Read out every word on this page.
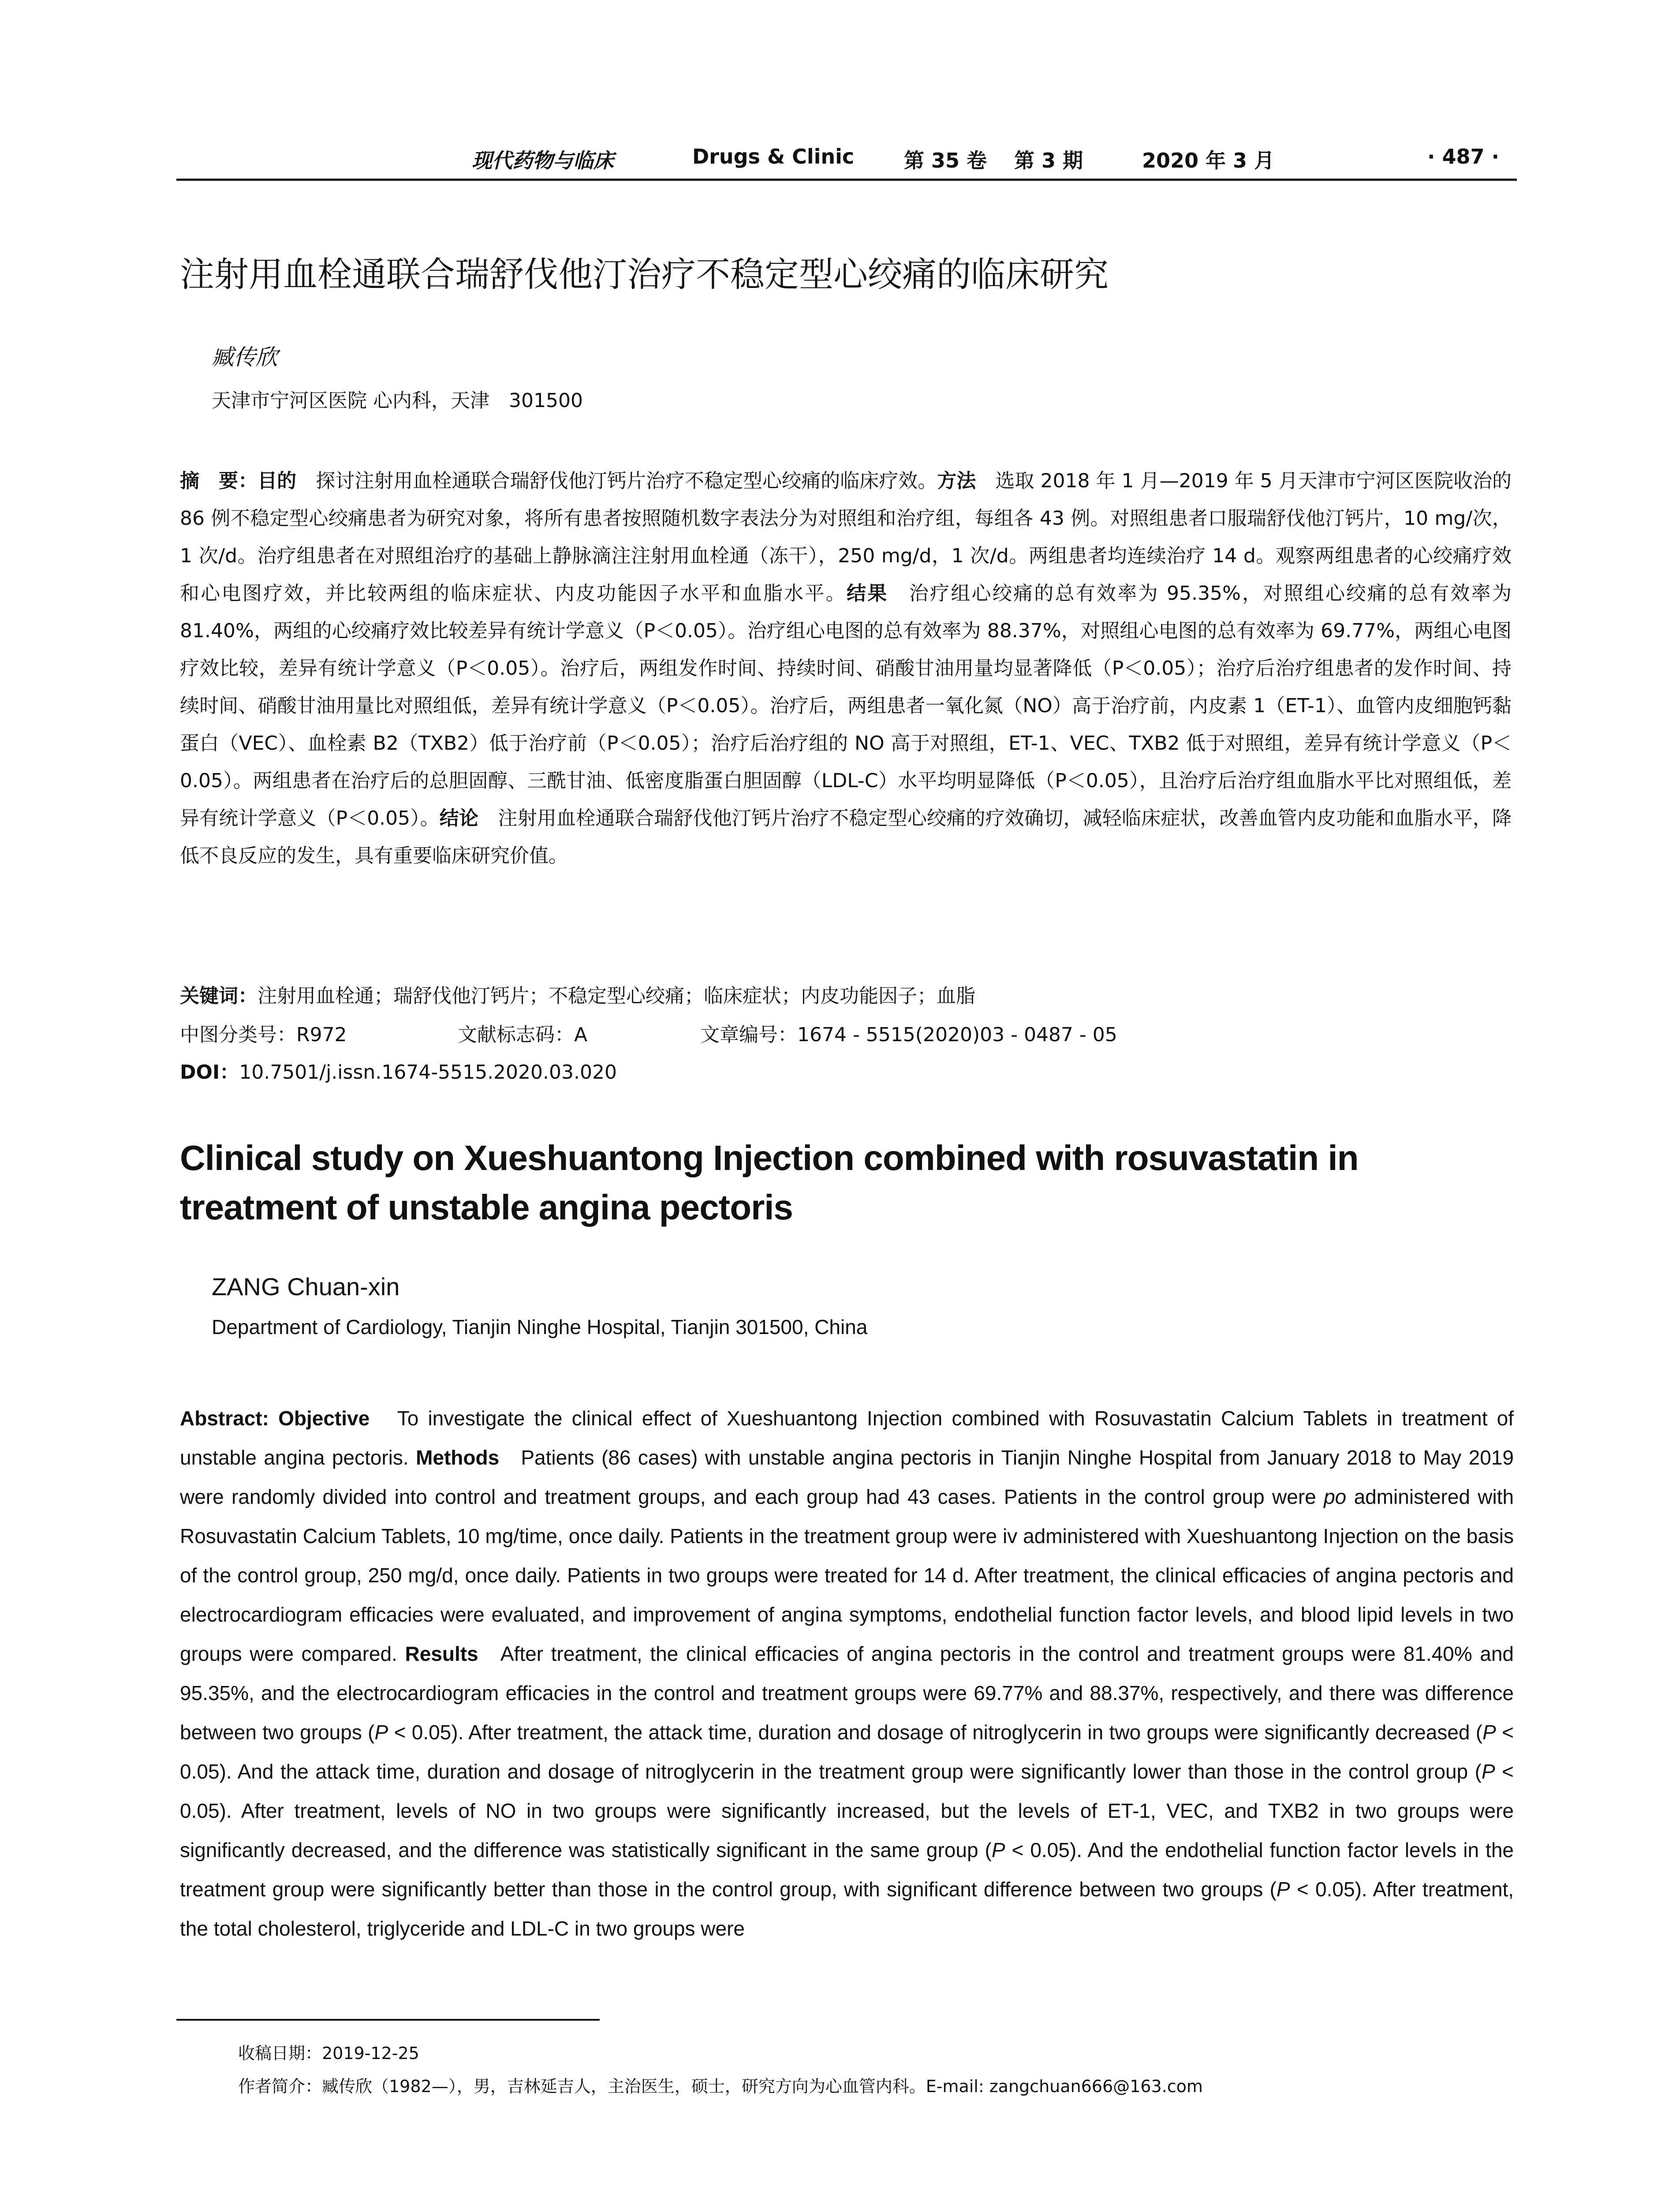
现代药物与临床	Drugs & Clinic 第 35 卷 第 3 期	2020 年 3 月	· 487 ·
注射用血栓通联合瑞舒伐他汀治疗不稳定型心绞痛的临床研究
臧传欣
天津市宁河区医院 心内科，天津　301500
摘　要：目的　探讨注射用血栓通联合瑞舒伐他汀钙片治疗不稳定型心绞痛的临床疗效。方法　选取 2018 年 1 月—2019 年 5 月天津市宁河区医院收治的 86 例不稳定型心绞痛患者为研究对象，将所有患者按照随机数字表法分为对照组和治疗组，每组各 43 例。对照组患者口服瑞舒伐他汀钙片，10 mg/次，1 次/d。治疗组患者在对照组治疗的基础上静脉滴注注射用血栓通（冻干），250 mg/d，1 次/d。两组患者均连续治疗 14 d。观察两组患者的心绞痛疗效和心电图疗效，并比较两组的临床症状、内皮功能因子水平和血脂水平。结果　治疗组心绞痛的总有效率为 95.35%，对照组心绞痛的总有效率为 81.40%，两组的心绞痛疗效比较差异有统计学意义（P＜0.05）。治疗组心电图的总有效率为 88.37%，对照组心电图的总有效率为 69.77%，两组心电图疗效比较，差异有统计学意义（P＜0.05）。治疗后，两组发作时间、持续时间、硝酸甘油用量均显著降低（P＜0.05）；治疗后治疗组患者的发作时间、持续时间、硝酸甘油用量比对照组低，差异有统计学意义（P＜0.05）。治疗后，两组患者一氧化氮（NO）高于治疗前，内皮素 1（ET-1）、血管内皮细胞钙黏蛋白（VEC）、血栓素 B2（TXB2）低于治疗前（P＜0.05）；治疗后治疗组的 NO 高于对照组，ET-1、VEC、TXB2 低于对照组，差异有统计学意义（P＜0.05）。两组患者在治疗后的总胆固醇、三酰甘油、低密度脂蛋白胆固醇（LDL-C）水平均明显降低（P＜0.05），且治疗后治疗组血脂水平比对照组低，差异有统计学意义（P＜0.05）。结论　注射用血栓通联合瑞舒伐他汀钙片治疗不稳定型心绞痛的疗效确切，减轻临床症状，改善血管内皮功能和血脂水平，降低不良反应的发生，具有重要临床研究价值。
关键词：注射用血栓通；瑞舒伐他汀钙片；不稳定型心绞痛；临床症状；内皮功能因子；血脂
中图分类号：R972	文献标志码：A	文章编号：1674 - 5515(2020)03 - 0487 - 05
DOI：10.7501/j.issn.1674-5515.2020.03.020
Clinical study on Xueshuantong Injection combined with rosuvastatin in treatment of unstable angina pectoris
ZANG Chuan-xin
Department of Cardiology, Tianjin Ninghe Hospital, Tianjin 301500, China
Abstract: Objective To investigate the clinical effect of Xueshuantong Injection combined with Rosuvastatin Calcium Tablets in treatment of unstable angina pectoris. Methods Patients (86 cases) with unstable angina pectoris in Tianjin Ninghe Hospital from January 2018 to May 2019 were randomly divided into control and treatment groups, and each group had 43 cases. Patients in the control group were po administered with Rosuvastatin Calcium Tablets, 10 mg/time, once daily. Patients in the treatment group were iv administered with Xueshuantong Injection on the basis of the control group, 250 mg/d, once daily. Patients in two groups were treated for 14 d. After treatment, the clinical efficacies of angina pectoris and electrocardiogram efficacies were evaluated, and improvement of angina symptoms, endothelial function factor levels, and blood lipid levels in two groups were compared. Results After treatment, the clinical efficacies of angina pectoris in the control and treatment groups were 81.40% and 95.35%, and the electrocardiogram efficacies in the control and treatment groups were 69.77% and 88.37%, respectively, and there was difference between two groups (P < 0.05). After treatment, the attack time, duration and dosage of nitroglycerin in two groups were significantly decreased (P < 0.05). And the attack time, duration and dosage of nitroglycerin in the treatment group were significantly lower than those in the control group (P < 0.05). After treatment, levels of NO in two groups were significantly increased, but the levels of ET-1, VEC, and TXB2 in two groups were significantly decreased, and the difference was statistically significant in the same group (P < 0.05). And the endothelial function factor levels in the treatment group were significantly better than those in the control group, with significant difference between two groups (P < 0.05). After treatment, the total cholesterol, triglyceride and LDL-C in two groups were
收稿日期：2019-12-25
作者简介：臧传欣（1982—），男，吉林延吉人，主治医生，硕士，研究方向为心血管内科。E-mail: zangchuan666@163.com
